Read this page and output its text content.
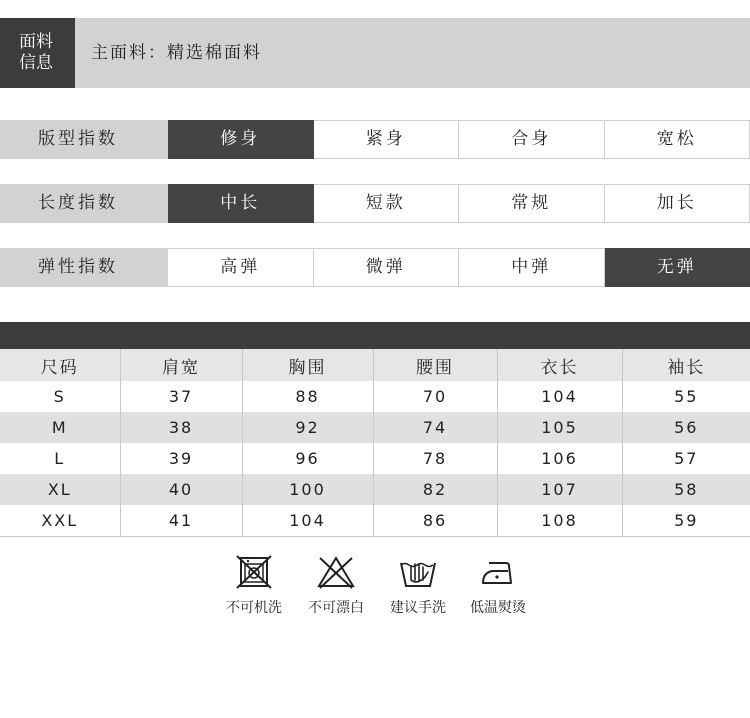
面料
信息	主面料：精选棉面料
版型指数	修身	紧身	合身	宽松
长度指数	中长	短款	常规	加长
弹性指数	高弹	微弹	中弹	无弹
尺码	肩宽	胸围	腰围	衣长	袖长
S	37	88	70	104	55
M	38	92	74	105	56
L	39	96	78	106	57
XL	40	100	82	107	58
XXL	41	104	86	108	59
不可机洗	不可漂白	建议手洗	低温熨烫
